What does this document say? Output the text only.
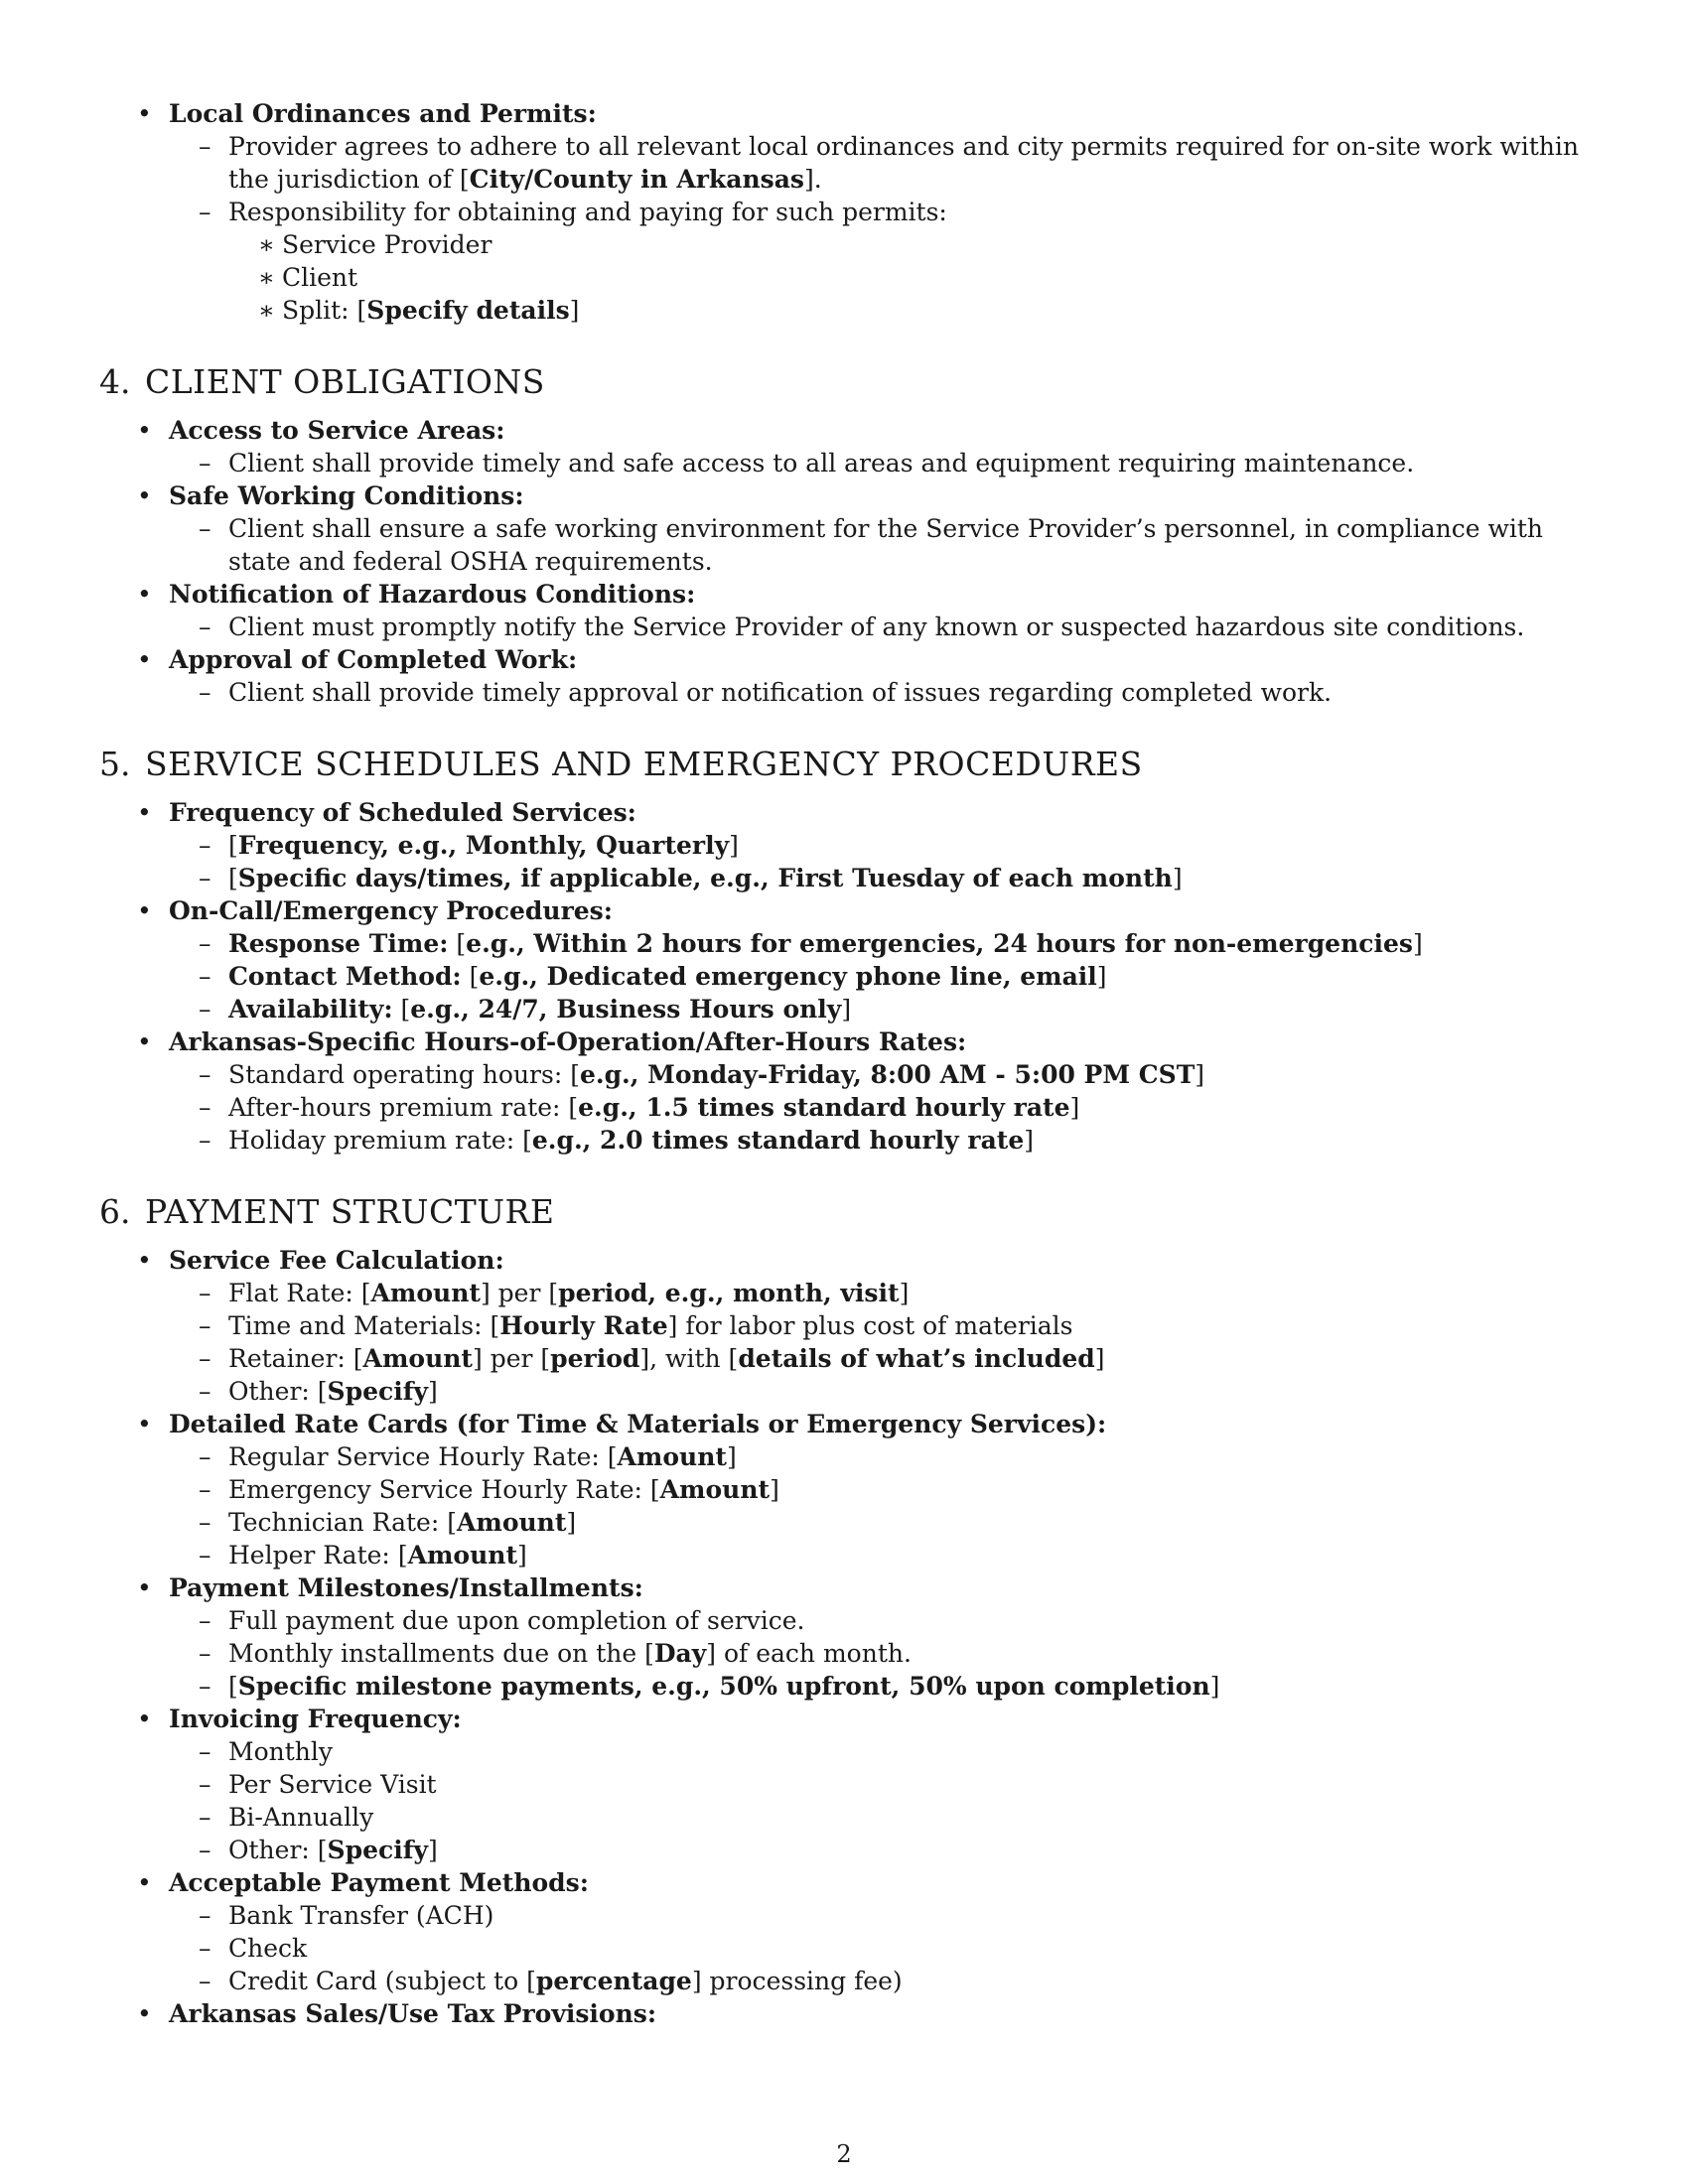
• Local Ordinances and Permits:
– Provider agrees to adhere to all relevant local ordinances and city permits required for on-site work within the jurisdiction of [City/County in Arkansas].
– Responsibility for obtaining and paying for such permits:
∗ Service Provider
∗ Client
∗ Split: [Specify details]
4. CLIENT OBLIGATIONS
• Access to Service Areas:
– Client shall provide timely and safe access to all areas and equipment requiring maintenance.
• Safe Working Conditions:
– Client shall ensure a safe working environment for the Service Provider’s personnel, in compliance with state and federal OSHA requirements.
• Notification of Hazardous Conditions:
– Client must promptly notify the Service Provider of any known or suspected hazardous site conditions.
• Approval of Completed Work:
– Client shall provide timely approval or notification of issues regarding completed work.
5. SERVICE SCHEDULES AND EMERGENCY PROCEDURES
• Frequency of Scheduled Services:
– [Frequency, e.g., Monthly, Quarterly]
– [Specific days/times, if applicable, e.g., First Tuesday of each month]
• On-Call/Emergency Procedures:
– Response Time: [e.g., Within 2 hours for emergencies, 24 hours for non-emergencies]
– Contact Method: [e.g., Dedicated emergency phone line, email]
– Availability: [e.g., 24/7, Business Hours only]
• Arkansas-Specific Hours-of-Operation/After-Hours Rates:
– Standard operating hours: [e.g., Monday-Friday, 8:00 AM - 5:00 PM CST]
– After-hours premium rate: [e.g., 1.5 times standard hourly rate]
– Holiday premium rate: [e.g., 2.0 times standard hourly rate]
6. PAYMENT STRUCTURE
• Service Fee Calculation:
– Flat Rate: [Amount] per [period, e.g., month, visit]
– Time and Materials: [Hourly Rate] for labor plus cost of materials
– Retainer: [Amount] per [period], with [details of what’s included]
– Other: [Specify]
• Detailed Rate Cards (for Time & Materials or Emergency Services):
– Regular Service Hourly Rate: [Amount]
– Emergency Service Hourly Rate: [Amount]
– Technician Rate: [Amount]
– Helper Rate: [Amount]
• Payment Milestones/Installments:
– Full payment due upon completion of service.
– Monthly installments due on the [Day] of each month.
– [Specific milestone payments, e.g., 50% upfront, 50% upon completion]
• Invoicing Frequency:
– Monthly
– Per Service Visit
– Bi-Annually
– Other: [Specify]
• Acceptable Payment Methods:
– Bank Transfer (ACH)
– Check
– Credit Card (subject to [percentage] processing fee)
• Arkansas Sales/Use Tax Provisions:
2
